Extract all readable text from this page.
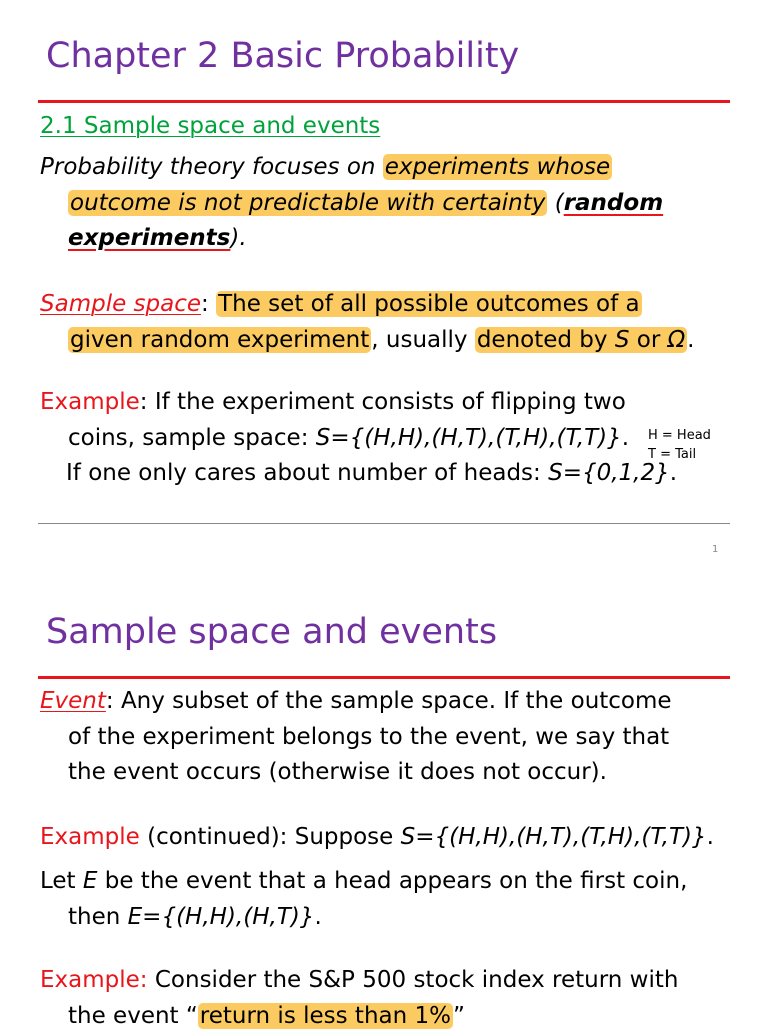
Chapter 2 Basic Probability
2.1 Sample space and events
Probability theory focuses on experiments whose
outcome is not predictable with certainty (random
experiments).
Sample space: The set of all possible outcomes of a
given random experiment, usually denoted by S or Ω.
Example: If the experiment consists of flipping two
coins, sample space: S={(H,H),(H,T),(T,H),(T,T)}.
If one only cares about number of heads: S={0,1,2}.
H = Head
T = Tail
1
Sample space and events
Event: Any subset of the sample space. If the outcome
of the experiment belongs to the event, we say that
the event occurs (otherwise it does not occur).
Example (continued): Suppose S={(H,H),(H,T),(T,H),(T,T)}.
Let E be the event that a head appears on the first coin,
then E={(H,H),(H,T)}.
Example: Consider the S&P 500 stock index return with
the event “return is less than 1%”
